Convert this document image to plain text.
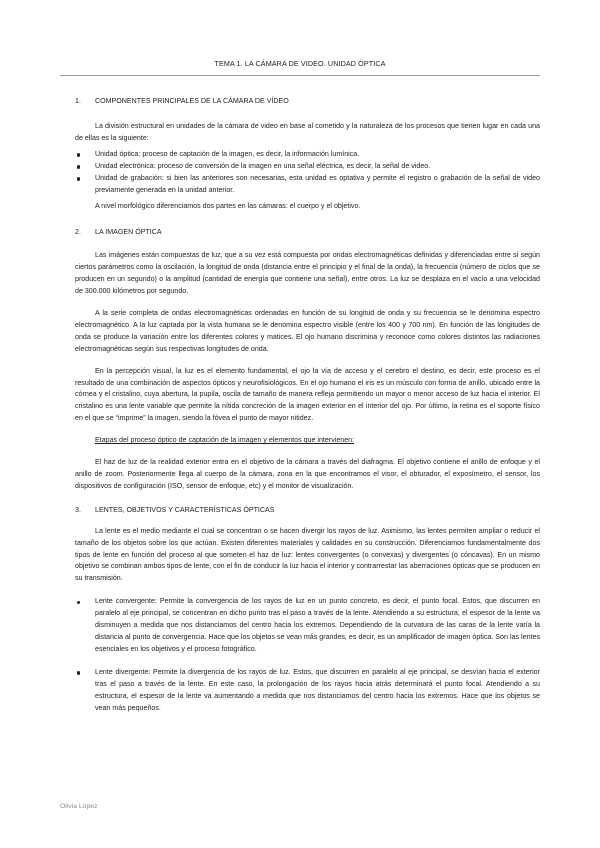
TEMA 1. LA CÁMARA DE VIDEO. UNIDAD ÓPTICA
1. COMPONENTES PRINCIPALES DE LA CÁMARA DE VÍDEO

La división estructural en unidades de la cámara de video en base al cometido y la naturaleza de los procesos que tienen lugar en cada una de ellas es la siguiente:

Unidad óptica: proceso de captación de la imagen, es decir, la información lumínica.
Unidad electrónica: proceso de conversión de la imagen en una señal eléctrica, es decir, la señal de video.
Unidad de grabación: si bien las anteriores son necesarias, esta unidad es optativa y permite el registro o grabación de la señal de video previamente generada en la unidad anterior.

A nivel morfológico diferenciamos dos partes en las cámaras: el cuerpo y el objetivo.

2. LA IMAGEN ÓPTICA

Las imágenes están compuestas de luz, que a su vez está compuesta por ondas electromagnéticas definidas y diferenciadas entre sí según ciertos parámetros como la oscilación, la longitud de onda (distancia entre el principio y el final de la onda), la frecuencia (número de ciclos que se producen en un segundo) o la amplitud (cantidad de energía que contiene una señal), entre otros. La luz se desplaza en el vacío a una velocidad de 300.000 kilómetros por segundo.

A la serie completa de ondas electromagnéticas ordenadas en función de su longitud de onda y su frecuencia se le denomina espectro electromagnético. A la luz captada por la vista humana se le denomina espectro visible (entre los 400 y 700 nm). En función de las longitudes de onda se produce la variación entre los diferentes colores y matices. El ojo humano discrimina y reconoce como colores distintos las radiaciones electromagnéticas según sus respectivas longitudes de onda.

En la percepción visual, la luz es el elemento fundamental, el ojo la vía de acceso y el cerebro el destino, es decir, este proceso es el resultado de una combinación de aspectos ópticos y neurofisiológicos. En el ojo humano el iris es un músculo con forma de anillo, ubicado entre la córnea y el cristalino, cuya abertura, la pupila, oscila de tamaño de manera refleja permitiendo un mayor o menor acceso de luz hacia el interior. El cristalino es una lente variable que permite la nítida concreción de la imagen exterior en el interior del ojo. Por último, la retina es el soporte físico en el que se “imprime” la imagen, siendo la fóvea el punto de mayor nitidez.

Etapas del proceso óptico de captación de la imagen y elementos que intervienen:

El haz de luz de la realidad exterior entra en el objetivo de la cámara a través del diafragma. El objetivo contiene el anillo de enfoque y el anillo de zoom. Posteriormente llega al cuerpo de la cámara, zona en la que encontramos el visor, el obturador, el exposímetro, el sensor, los dispositivos de configuración (ISO, sensor de enfoque, etc) y el monitor de visualización.

3. LENTES, OBJETIVOS Y CARACTERÍSTICAS ÓPTICAS

La lente es el medio mediante el cual se concentran o se hacen divergir los rayos de luz. Asimismo, las lentes permiten ampliar o reducir el tamaño de los objetos sobre los que actúan. Existen diferentes materiales y calidades en su construcción. Diferenciamos fundamentalmente dos tipos de lente en función del proceso al que someten el haz de luz: lentes convergentes (o convexas) y divergentes (o cóncavas). En un mismo objetivo se combinan ambos tipos de lente, con el fin de conducir la luz hacia el interior y contrarrestar las aberraciones ópticas que se producen en su transmisión.

Lente convergente: Permite la convergencia de los rayos de luz en un punto concreto, es decir, el punto focal. Estos, que discurren en paralelo al eje principal, se concentran en dicho punto tras el paso a través de la lente. Atendiendo a su estructura, el espesor de la lente va disminuyen a medida que nos distanciamos del centro hacia los extremos. Dependiendo de la curvatura de las caras de la lente varía la distancia al punto de convergencia. Hace que los objetos se vean más grandes, es decir, es un amplificador de imagen óptica. Son las lentes esenciales en los objetivos y el proceso fotográfico.
Lente divergente: Permite la divergencia de los rayos de luz. Estos, que discurren en paralelo al eje principal, se desvían hacia el exterior tras el paso a través de la lente. En este caso, la prolongación de los rayos hacia atrás determinará el punto focal. Atendiendo a su estructura, el espesor de la lente va aumentando a medida que nos distanciamos del centro hacia los extremos. Hace que los objetos se vean más pequeños.
Olivia López
